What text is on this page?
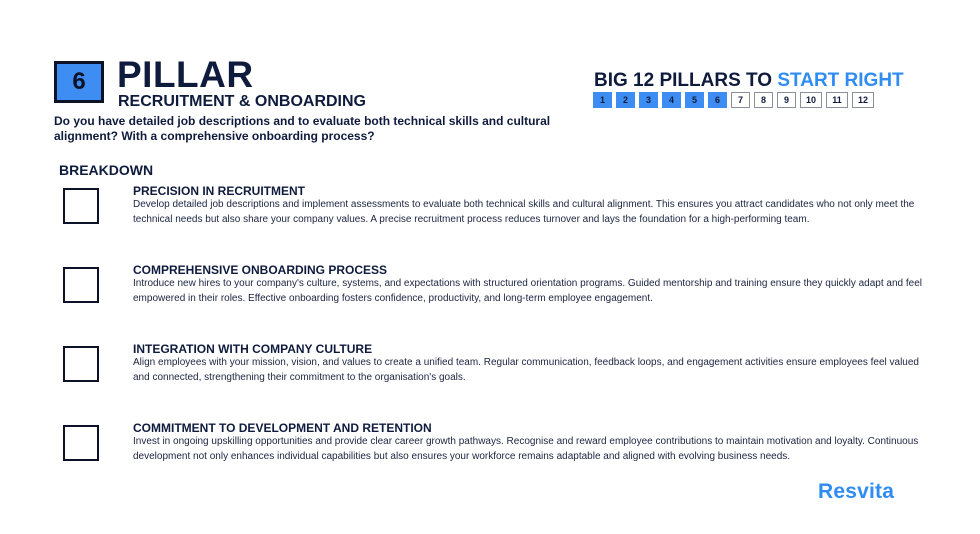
6 PILLAR
RECRUITMENT & ONBOARDING
Do you have detailed job descriptions and to evaluate both technical skills and cultural alignment? With a comprehensive onboarding process?
BIG 12 PILLARS TO START RIGHT
1	2	3	4	5	6	7	8	9	10	11	12
BREAKDOWN
PRECISION IN RECRUITMENT
Develop detailed job descriptions and implement assessments to evaluate both technical skills and cultural alignment. This ensures you attract candidates who not only meet the technical needs but also share your company values. A precise recruitment process reduces turnover and lays the foundation for a high-performing team.
COMPREHENSIVE ONBOARDING PROCESS
Introduce new hires to your company's culture, systems, and expectations with structured orientation programs. Guided mentorship and training ensure they quickly adapt and feel empowered in their roles. Effective onboarding fosters confidence, productivity, and long-term employee engagement.
INTEGRATION WITH COMPANY CULTURE
Align employees with your mission, vision, and values to create a unified team. Regular communication, feedback loops, and engagement activities ensure employees feel valued and connected, strengthening their commitment to the organisation's goals.
COMMITMENT TO DEVELOPMENT AND RETENTION
Invest in ongoing upskilling opportunities and provide clear career growth pathways. Recognise and reward employee contributions to maintain motivation and loyalty. Continuous development not only enhances individual capabilities but also ensures your workforce remains adaptable and aligned with evolving business needs.
Resvita
